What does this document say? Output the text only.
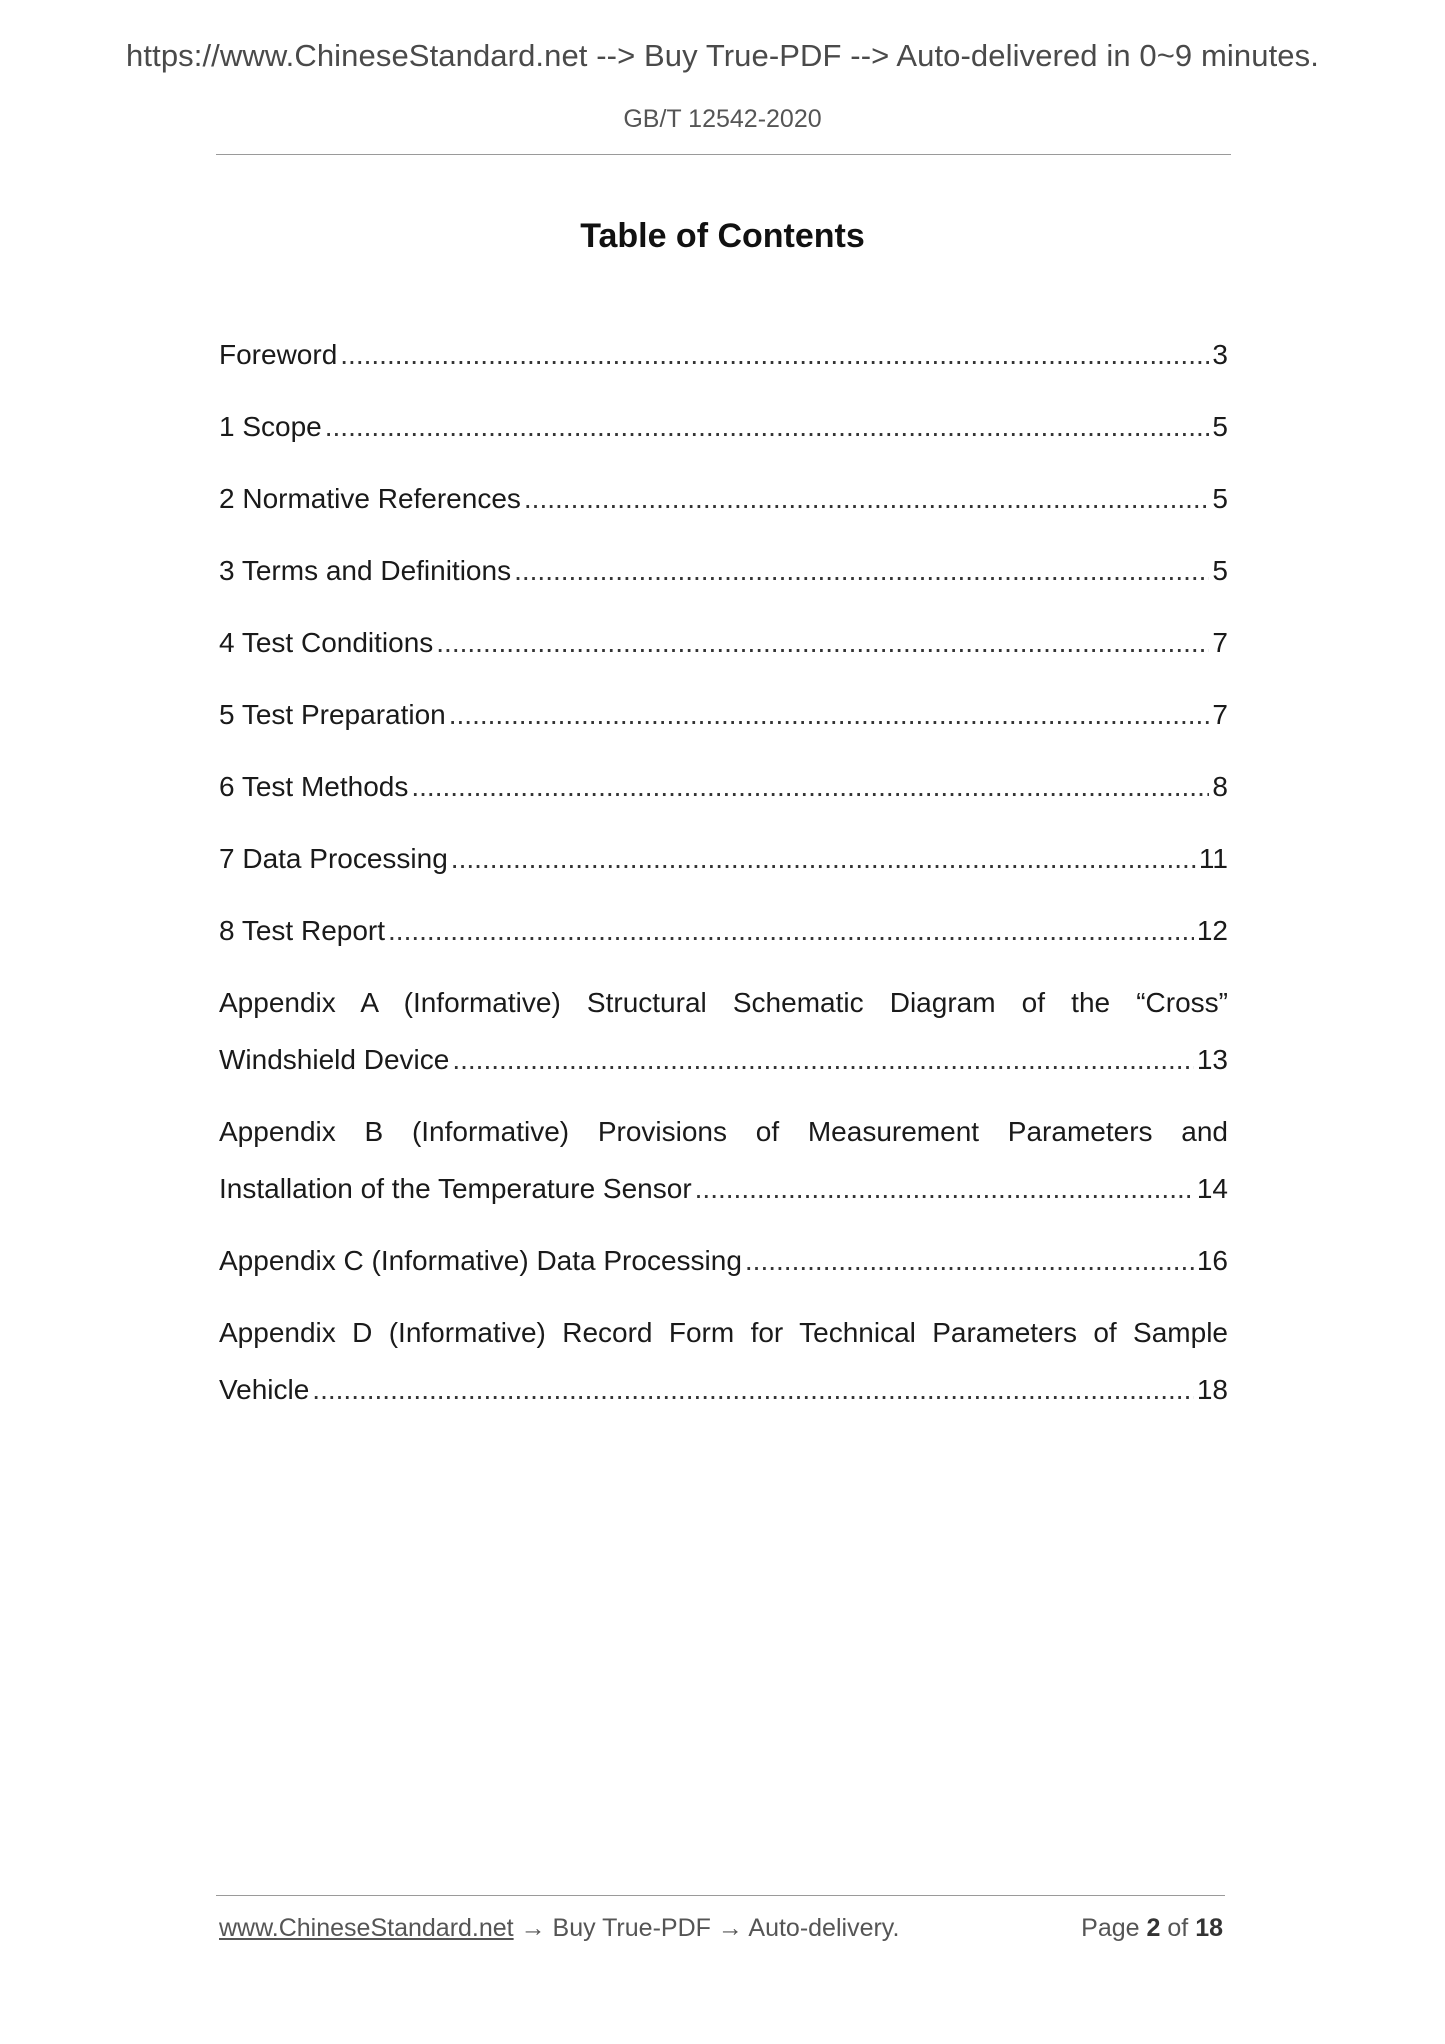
https://www.ChineseStandard.net --> Buy True-PDF --> Auto-delivered in 0~9 minutes.
GB/T 12542-2020
Table of Contents
Foreword .....	3
1 Scope .....	5
2 Normative References .....	5
3 Terms and Definitions .....	5
4 Test Conditions .....	7
5 Test Preparation .....	7
6 Test Methods .....	8
7 Data Processing .....	11
8 Test Report .....	12
Appendix A (Informative) Structural Schematic Diagram of the “Cross”
Windshield Device .....	13
Appendix B (Informative) Provisions of Measurement Parameters and
Installation of the Temperature Sensor .....	14
Appendix C (Informative) Data Processing .....	16
Appendix D (Informative) Record Form for Technical Parameters of Sample
Vehicle .....	18
www.ChineseStandard.net → Buy True-PDF → Auto-delivery.	Page 2 of 18
